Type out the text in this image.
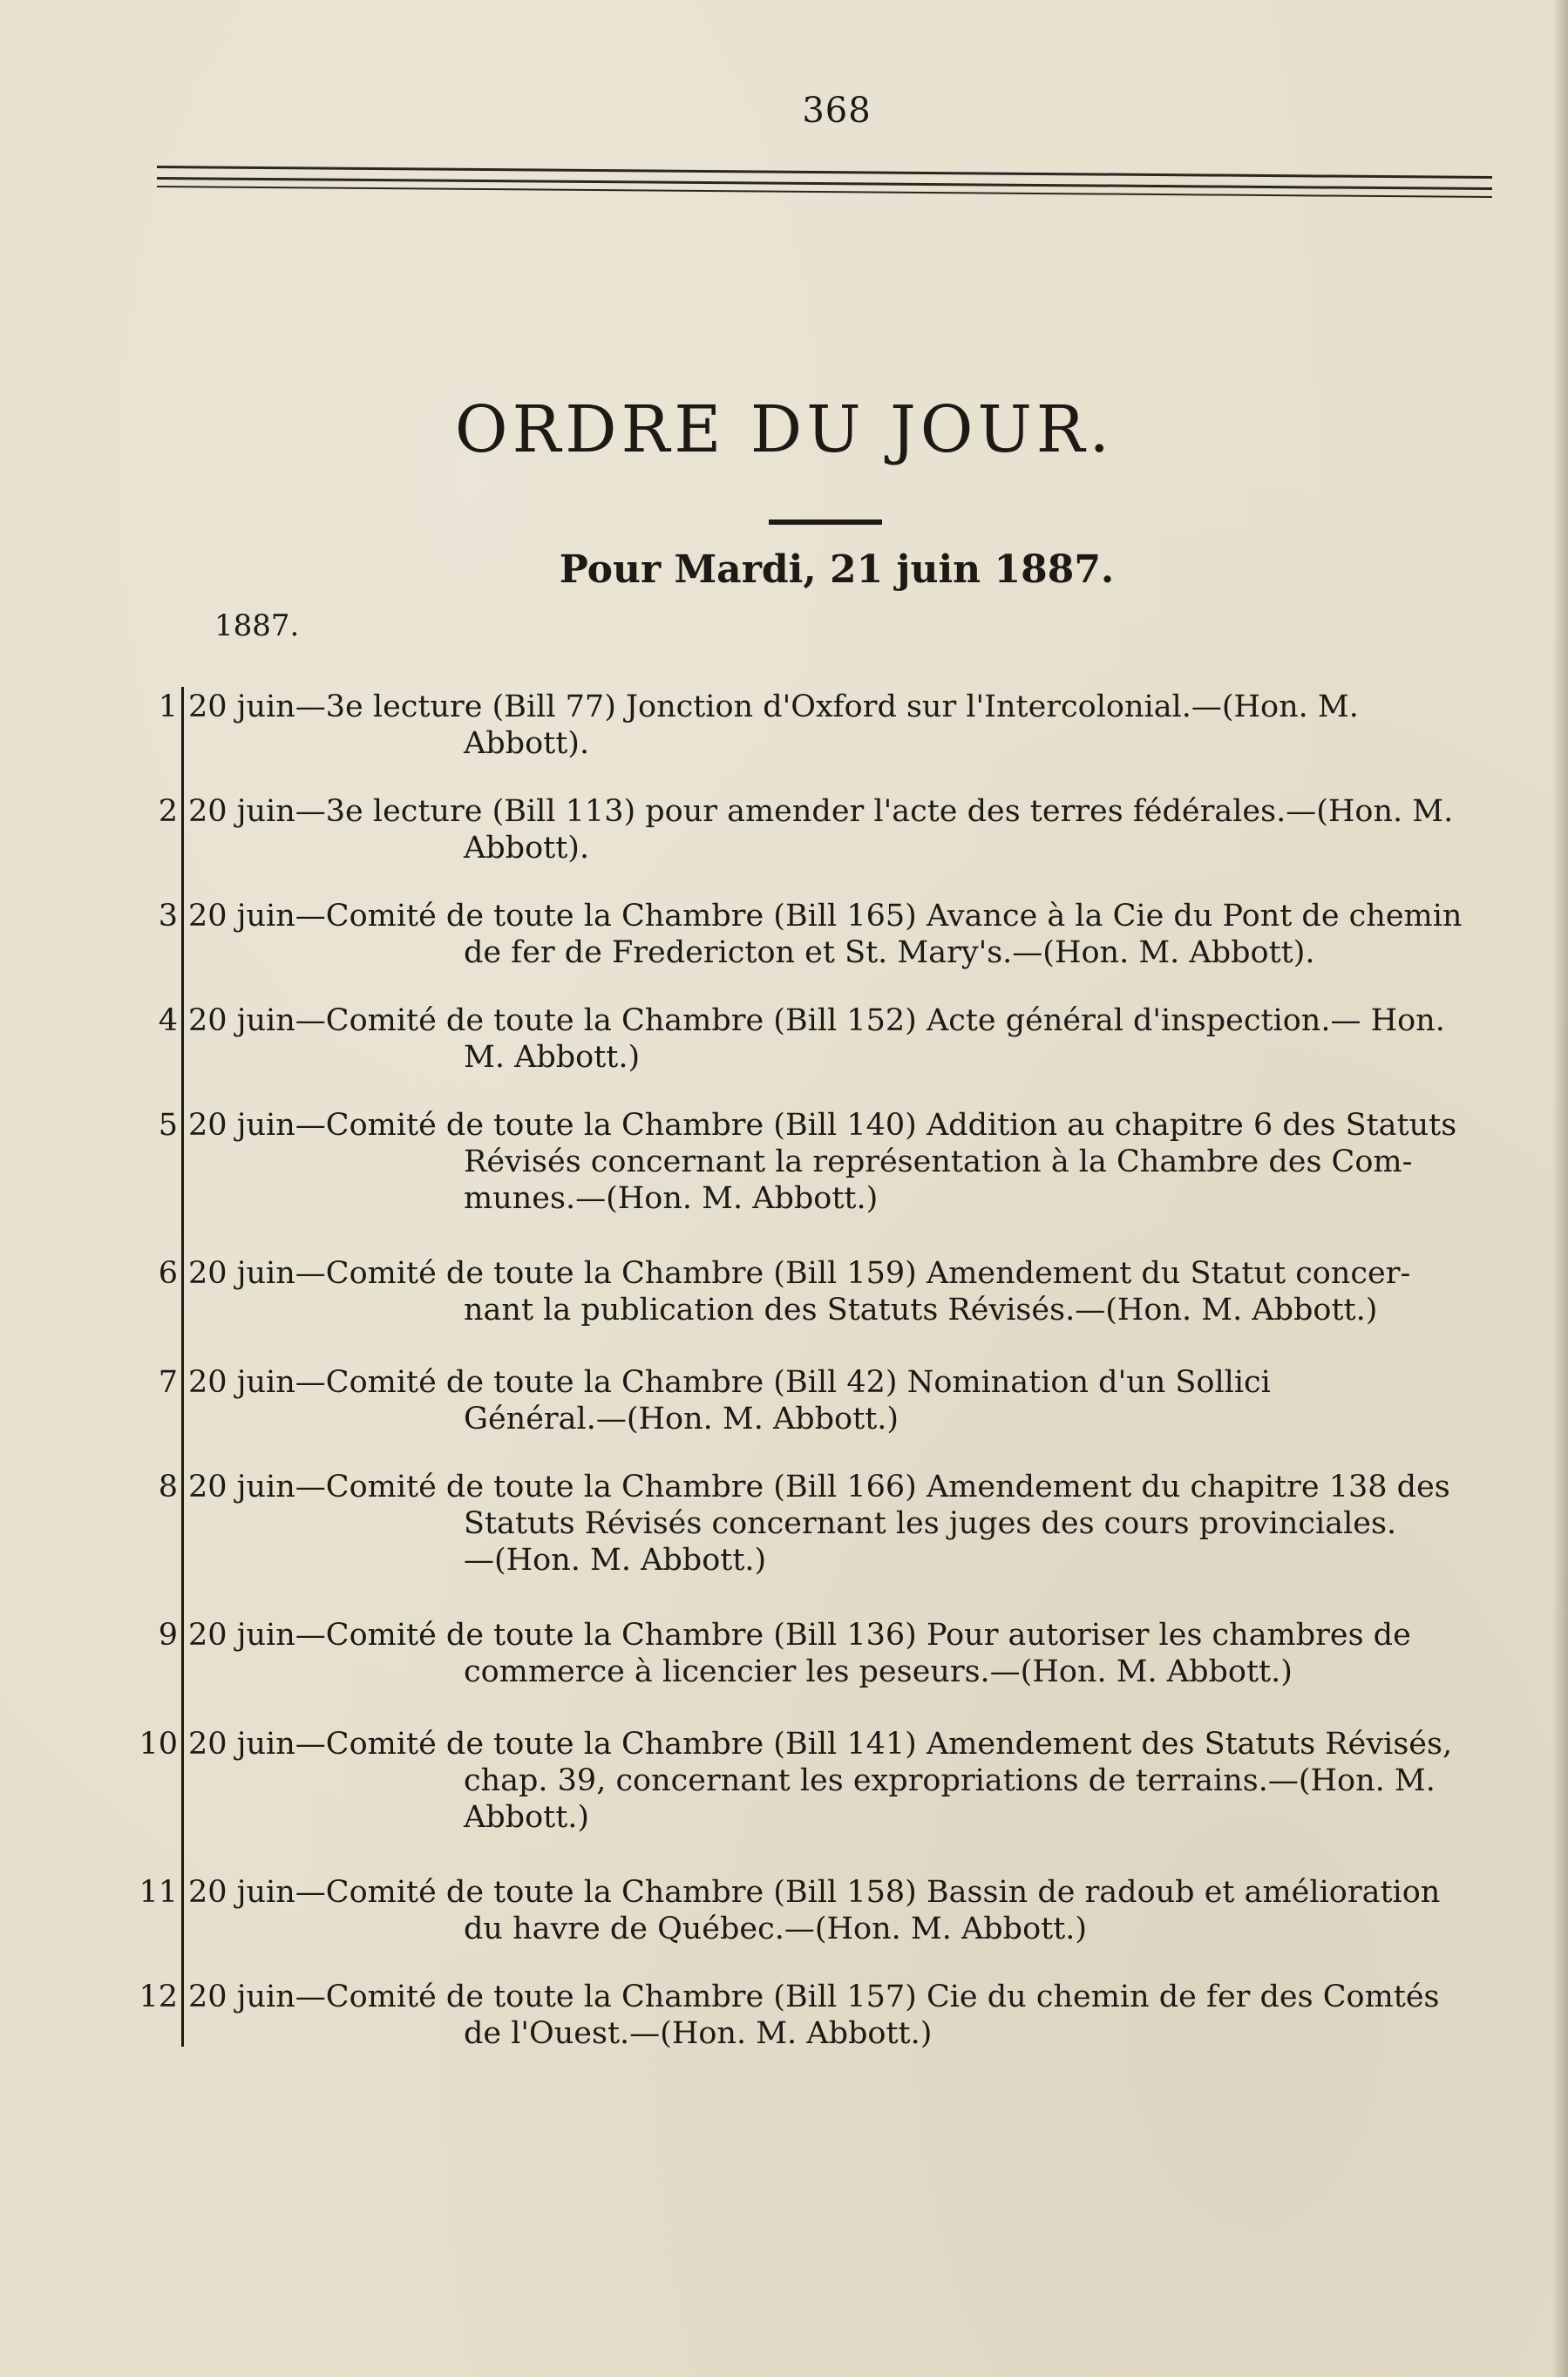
368
ORDRE DU JOUR.
Pour Mardi, 21 juin 1887.
1887.
1 20 juin—3e lecture (Bill 77) Jonction d'Oxford sur l'Intercolonial.—(Hon. M.
Abbott).
2 20 juin—3e lecture (Bill 113) pour amender l'acte des terres fédérales.—(Hon. M.
Abbott).
3 20 juin—Comité de toute la Chambre (Bill 165) Avance à la Cie du Pont de chemin
de fer de Fredericton et St. Mary's.—(Hon. M. Abbott).
4 20 juin—Comité de toute la Chambre (Bill 152) Acte général d'inspection.— Hon.
M. Abbott.)
5 20 juin—Comité de toute la Chambre (Bill 140) Addition au chapitre 6 des Statuts
Révisés concernant la représentation à la Chambre des Com-
munes.—(Hon. M. Abbott.)
6 20 juin—Comité de toute la Chambre (Bill 159) Amendement du Statut concer-
nant la publication des Statuts Révisés.—(Hon. M. Abbott.)
7 20 juin—Comité de toute la Chambre (Bill 42) Nomination d'un Sollici
Général.—(Hon. M. Abbott.)
8 20 juin—Comité de toute la Chambre (Bill 166) Amendement du chapitre 138 des
Statuts Révisés concernant les juges des cours provinciales.
—(Hon. M. Abbott.)
9 20 juin—Comité de toute la Chambre (Bill 136) Pour autoriser les chambres de
commerce à licencier les peseurs.—(Hon. M. Abbott.)
10 20 juin—Comité de toute la Chambre (Bill 141) Amendement des Statuts Révisés,
chap. 39, concernant les expropriations de terrains.—(Hon. M.
Abbott.)
11 20 juin—Comité de toute la Chambre (Bill 158) Bassin de radoub et amélioration
du havre de Québec.—(Hon. M. Abbott.)
12 20 juin—Comité de toute la Chambre (Bill 157) Cie du chemin de fer des Comtés
de l'Ouest.—(Hon. M. Abbott.)
